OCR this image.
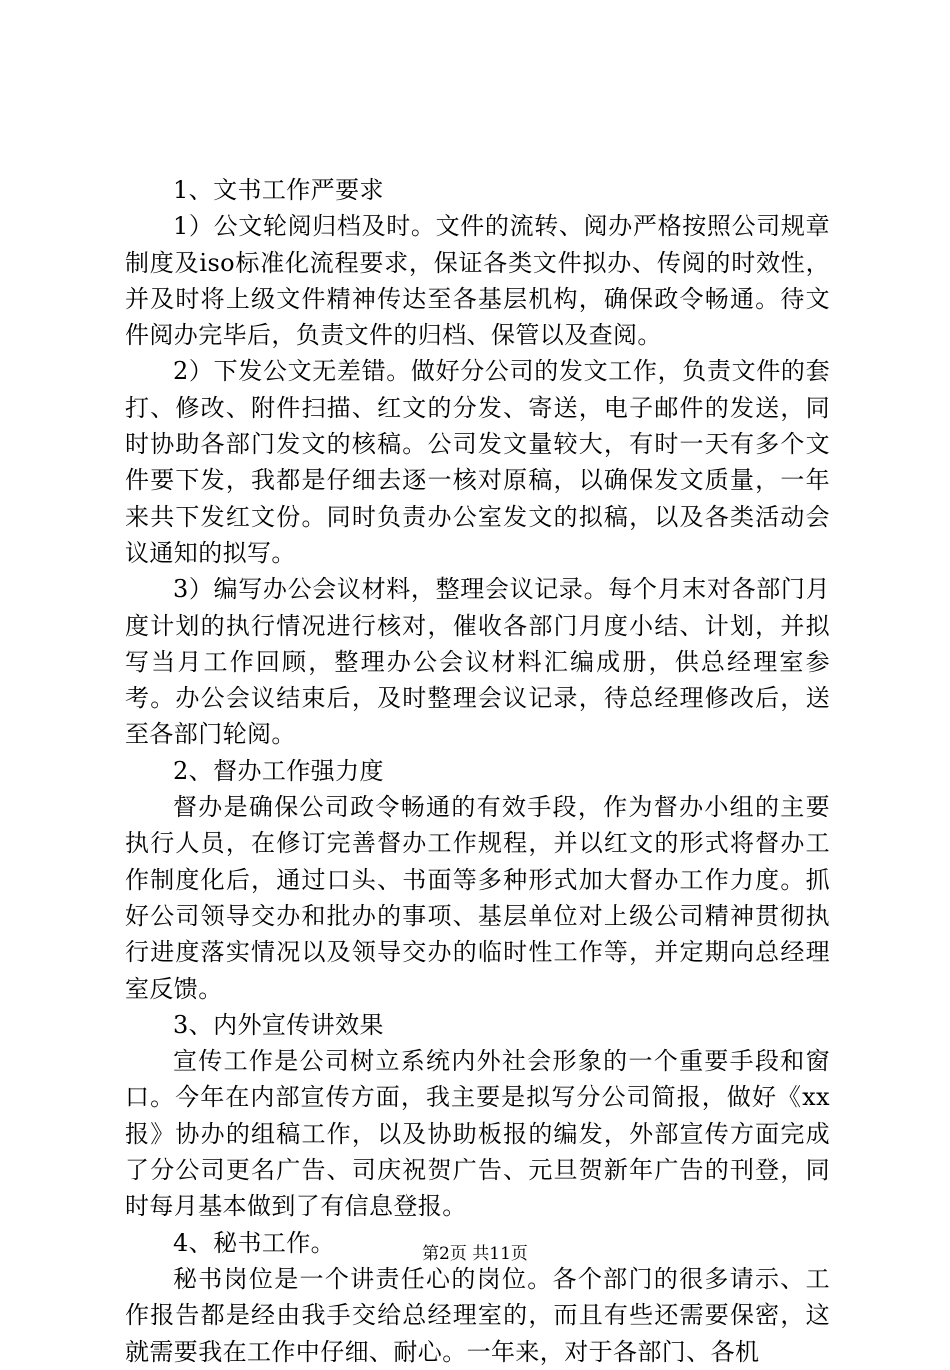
1、文书工作严要求

1）公文轮阅归档及时。文件的流转、阅办严格按照公司规章制度及iso标准化流程要求，保证各类文件拟办、传阅的时效性，并及时将上级文件精神传达至各基层机构，确保政令畅通。待文件阅办完毕后，负责文件的归档、保管以及查阅。

2）下发公文无差错。做好分公司的发文工作，负责文件的套打、修改、附件扫描、红文的分发、寄送，电子邮件的发送，同时协助各部门发文的核稿。公司发文量较大，有时一天有多个文件要下发，我都是仔细去逐一核对原稿，以确保发文质量，一年来共下发红文份。同时负责办公室发文的拟稿，以及各类活动会议通知的拟写。

3）编写办公会议材料，整理会议记录。每个月末对各部门月度计划的执行情况进行核对，催收各部门月度小结、计划，并拟写当月工作回顾，整理办公会议材料汇编成册，供总经理室参考。办公会议结束后，及时整理会议记录，待总经理修改后，送至各部门轮阅。

2、督办工作强力度

督办是确保公司政令畅通的有效手段，作为督办小组的主要执行人员，在修订完善督办工作规程，并以红文的形式将督办工作制度化后，通过口头、书面等多种形式加大督办工作力度。抓好公司领导交办和批办的事项、基层单位对上级公司精神贯彻执行进度落实情况以及领导交办的临时性工作等，并定期向总经理室反馈。

3、内外宣传讲效果

宣传工作是公司树立系统内外社会形象的一个重要手段和窗口。今年在内部宣传方面，我主要是拟写分公司简报，做好《xx报》协办的组稿工作，以及协助板报的编发，外部宣传方面完成了分公司更名广告、司庆祝贺广告、元旦贺新年广告的刊登，同时每月基本做到了有信息登报。

4、秘书工作。

秘书岗位是一个讲责任心的岗位。各个部门的很多请示、工作报告都是经由我手交给总经理室的，而且有些还需要保密，这就需要我在工作中仔细、耐心。一年来，对于各部门、各机

第2页 共11页
